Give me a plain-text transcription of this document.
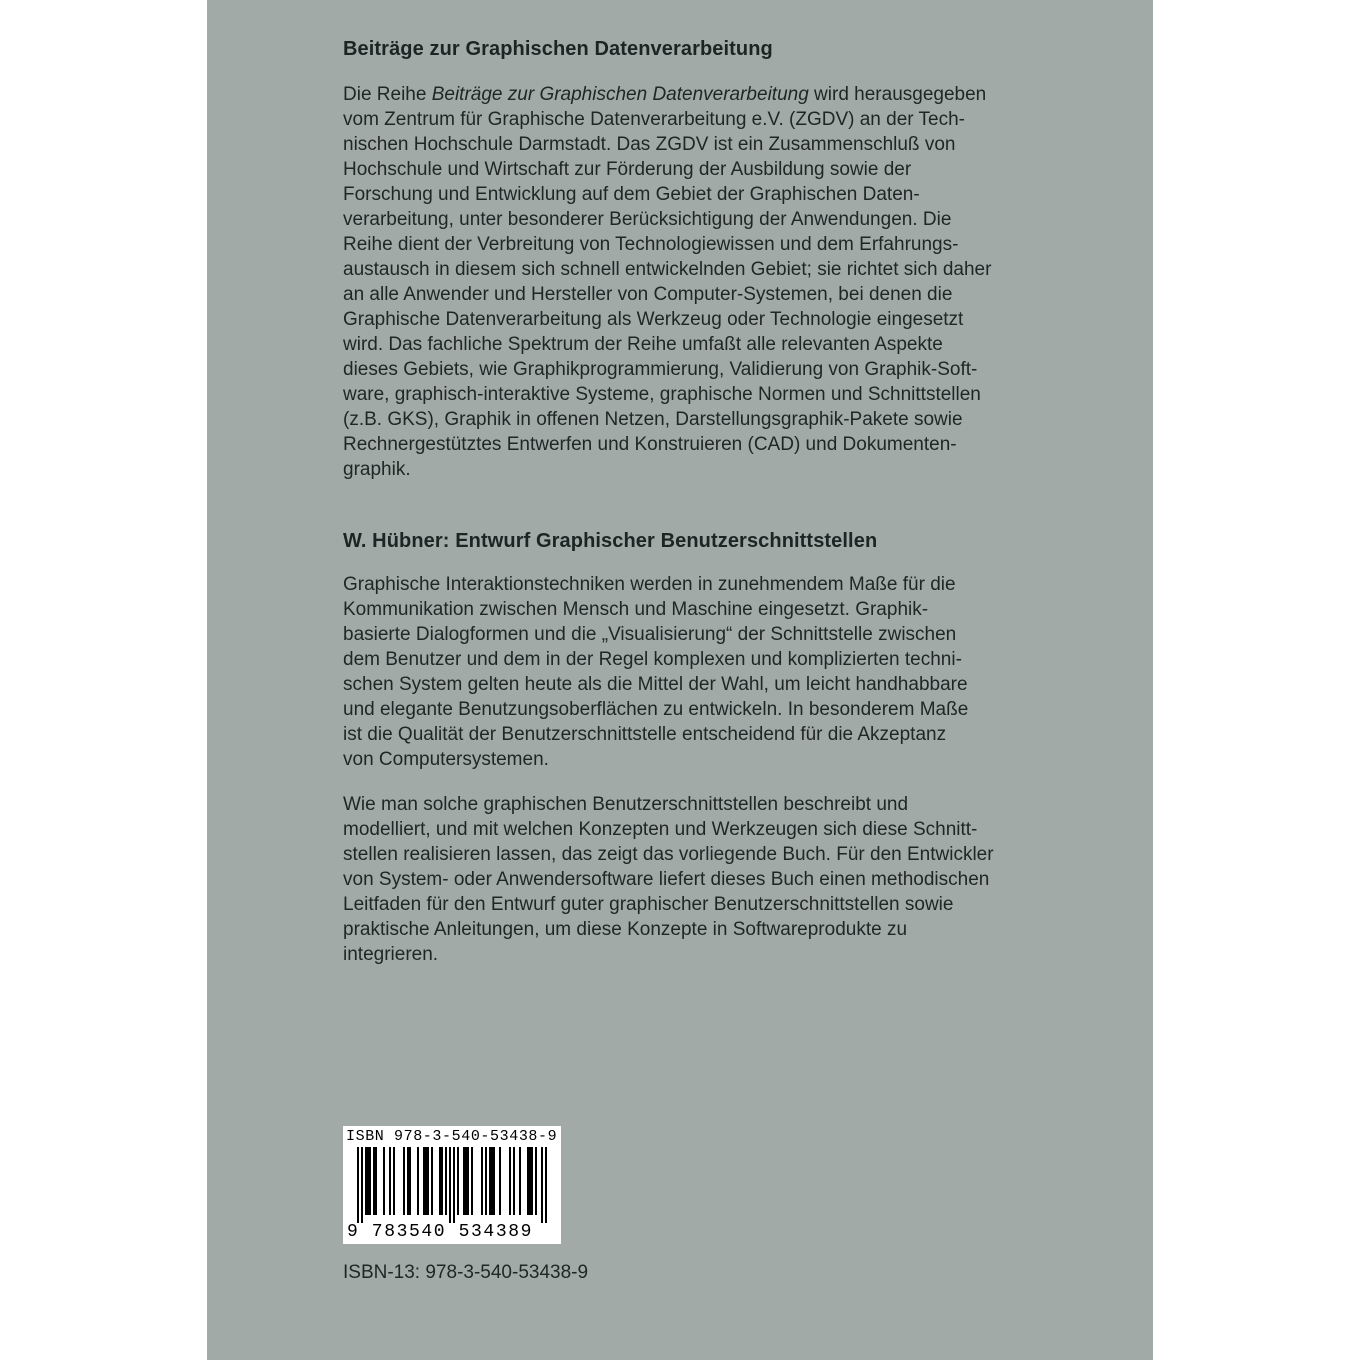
Beiträge zur Graphischen Datenverarbeitung

Die Reihe Beiträge zur Graphischen Datenverarbeitung wird herausgegeben
vom Zentrum für Graphische Datenverarbeitung e.V. (ZGDV) an der Tech-
nischen Hochschule Darmstadt. Das ZGDV ist ein Zusammenschluß von
Hochschule und Wirtschaft zur Förderung der Ausbildung sowie der
Forschung und Entwicklung auf dem Gebiet der Graphischen Daten-
verarbeitung, unter besonderer Berücksichtigung der Anwendungen. Die
Reihe dient der Verbreitung von Technologiewissen und dem Erfahrungs-
austausch in diesem sich schnell entwickelnden Gebiet; sie richtet sich daher
an alle Anwender und Hersteller von Computer-Systemen, bei denen die
Graphische Datenverarbeitung als Werkzeug oder Technologie eingesetzt
wird. Das fachliche Spektrum der Reihe umfaßt alle relevanten Aspekte
dieses Gebiets, wie Graphikprogrammierung, Validierung von Graphik-Soft-
ware, graphisch-interaktive Systeme, graphische Normen und Schnittstellen
(z.B. GKS), Graphik in offenen Netzen, Darstellungsgraphik-Pakete sowie
Rechnergestütztes Entwerfen und Konstruieren (CAD) und Dokumenten-
graphik.

W. Hübner: Entwurf Graphischer Benutzerschnittstellen

Graphische Interaktionstechniken werden in zunehmendem Maße für die
Kommunikation zwischen Mensch und Maschine eingesetzt. Graphik-
basierte Dialogformen und die „Visualisierung“ der Schnittstelle zwischen
dem Benutzer und dem in der Regel komplexen und komplizierten techni-
schen System gelten heute als die Mittel der Wahl, um leicht handhabbare
und elegante Benutzungsoberflächen zu entwickeln. In besonderem Maße
ist die Qualität der Benutzerschnittstelle entscheidend für die Akzeptanz
von Computersystemen.

Wie man solche graphischen Benutzerschnittstellen beschreibt und
modelliert, und mit welchen Konzepten und Werkzeugen sich diese Schnitt-
stellen realisieren lassen, das zeigt das vorliegende Buch. Für den Entwickler
von System- oder Anwendersoftware liefert dieses Buch einen methodischen
Leitfaden für den Entwurf guter graphischer Benutzerschnittstellen sowie
praktische Anleitungen, um diese Konzepte in Softwareprodukte zu
integrieren.

ISBN 978-3-540-53438-9
9 783540 534389
ISBN-13: 978-3-540-53438-9
